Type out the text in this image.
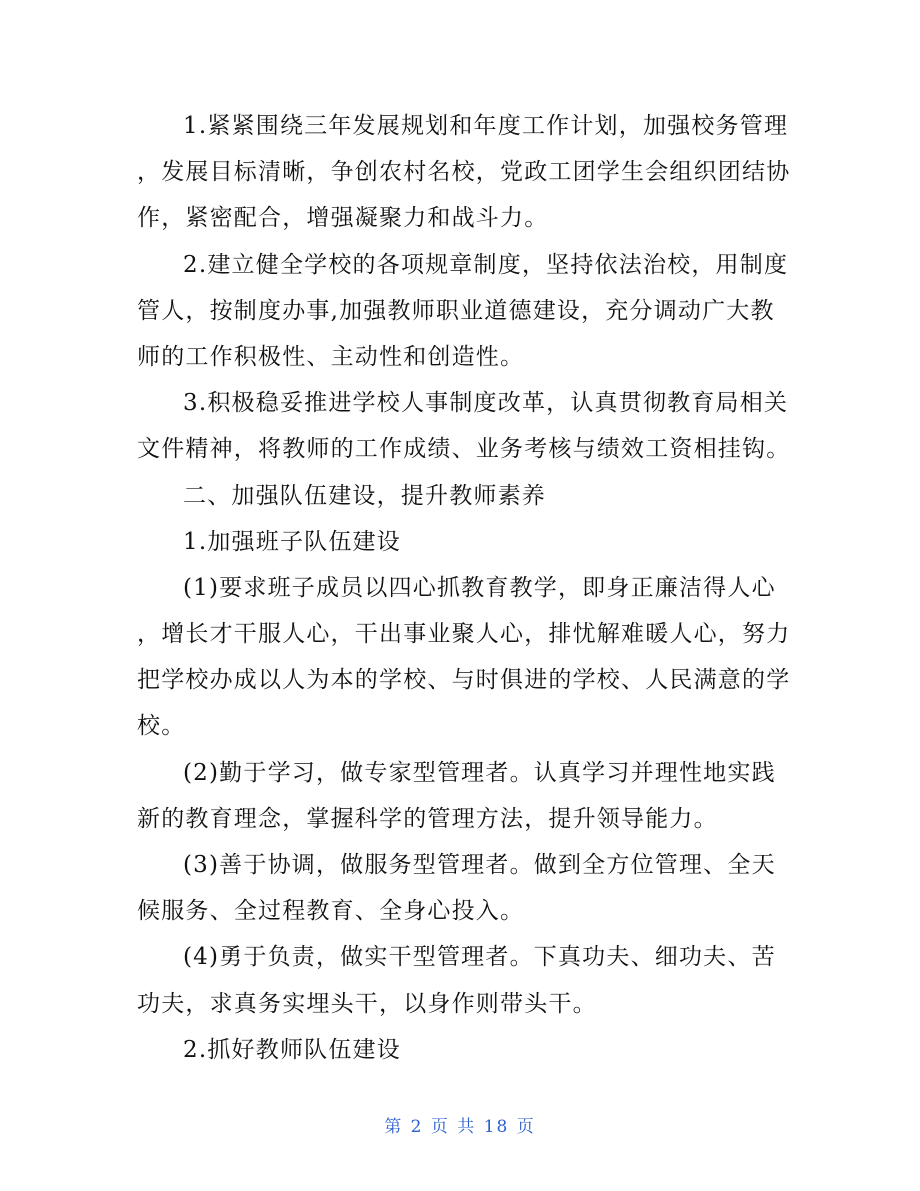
1.紧紧围绕三年发展规划和年度工作计划，加强校务管理
，发展目标清晰，争创农村名校，党政工团学生会组织团结协
作，紧密配合，增强凝聚力和战斗力。
2.建立健全学校的各项规章制度，坚持依法治校，用制度
管人，按制度办事,加强教师职业道德建设，充分调动广大教
师的工作积极性、主动性和创造性。
3.积极稳妥推进学校人事制度改革，认真贯彻教育局相关
文件精神，将教师的工作成绩、业务考核与绩效工资相挂钩。
二、加强队伍建设，提升教师素养
1.加强班子队伍建设
(1)要求班子成员以四心抓教育教学，即身正廉洁得人心
，增长才干服人心，干出事业聚人心，排忧解难暖人心，努力
把学校办成以人为本的学校、与时俱进的学校、人民满意的学
校。
(2)勤于学习，做专家型管理者。认真学习并理性地实践
新的教育理念，掌握科学的管理方法，提升领导能力。
(3)善于协调，做服务型管理者。做到全方位管理、全天
候服务、全过程教育、全身心投入。
(4)勇于负责，做实干型管理者。下真功夫、细功夫、苦
功夫，求真务实埋头干，以身作则带头干。
2.抓好教师队伍建设
第 2 页 共 18 页
